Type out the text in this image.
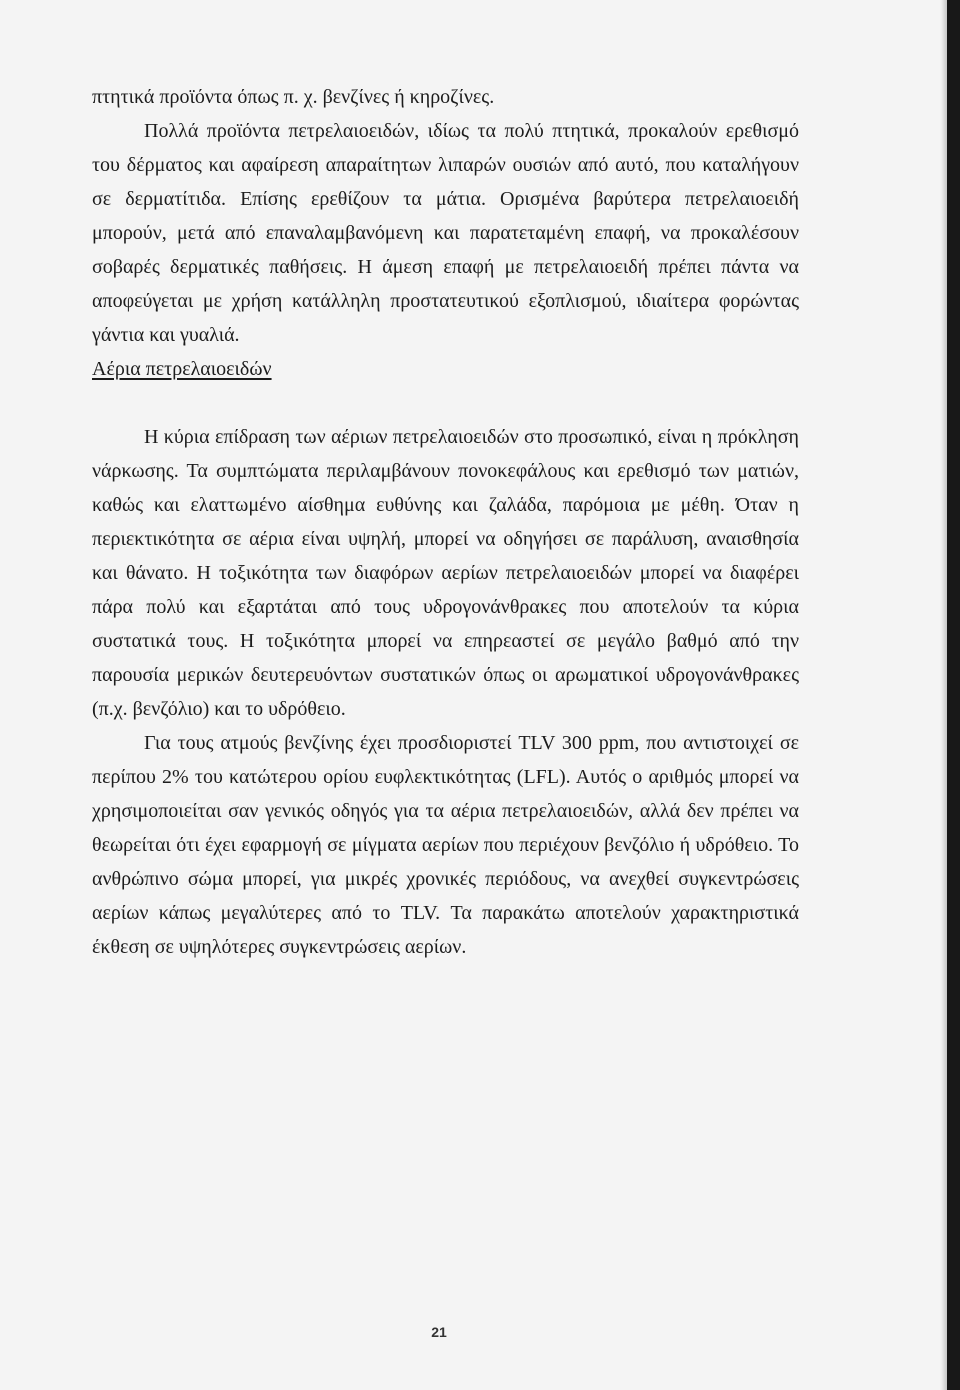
πτητικά προϊόντα όπως π. χ. βενζίνες ή κηροζίνες.

Πολλά προϊόντα πετρελαιοειδών, ιδίως τα πολύ πτητικά, προκαλούν ερεθισμό του δέρματος και αφαίρεση απαραίτητων λιπαρών ουσιών από αυτό, που καταλήγουν σε δερματίτιδα. Επίσης ερεθίζουν τα μάτια. Ορισμένα βαρύτερα πετρελαιοειδή μπορούν, μετά από επαναλαμβανόμενη και παρατεταμένη επαφή, να προκαλέσουν σοβαρές δερματικές παθήσεις. Η άμεση επαφή με πετρελαιοειδή πρέπει πάντα να αποφεύγεται με χρήση κατάλληλη προστατευτικού εξοπλισμού, ιδιαίτερα φορώντας γάντια και γυαλιά.

Αέρια πετρελαιοειδών

Η κύρια επίδραση των αέριων πετρελαιοειδών στο προσωπικό, είναι η πρόκληση νάρκωσης. Τα συμπτώματα περιλαμβάνουν πονοκεφάλους και ερεθισμό των ματιών, καθώς και ελαττωμένο αίσθημα ευθύνης και ζαλάδα, παρόμοια με μέθη. Όταν η περιεκτικότητα σε αέρια είναι υψηλή, μπορεί να οδηγήσει σε παράλυση, αναισθησία και θάνατο. Η τοξικότητα των διαφόρων αερίων πετρελαιοειδών μπορεί να διαφέρει πάρα πολύ και εξαρτάται από τους υδρογονάνθρακες που αποτελούν τα κύρια συστατικά τους. Η τοξικότητα μπορεί να επηρεαστεί σε μεγάλο βαθμό από την παρουσία μερικών δευτερευόντων συστατικών όπως οι αρωματικοί υδρογονάνθρακες (π.χ. βενζόλιο) και το υδρόθειο.

Για τους ατμούς βενζίνης έχει προσδιοριστεί TLV 300 ppm, που αντιστοιχεί σε περίπου 2% του κατώτερου ορίου ευφλεκτικότητας (LFL). Αυτός ο αριθμός μπορεί να χρησιμοποιείται σαν γενικός οδηγός για τα αέρια πετρελαιοειδών, αλλά δεν πρέπει να θεωρείται ότι έχει εφαρμογή σε μίγματα αερίων που περιέχουν βενζόλιο ή υδρόθειο. Το ανθρώπινο σώμα μπορεί, για μικρές χρονικές περιόδους, να ανεχθεί συγκεντρώσεις αερίων κάπως μεγαλύτερες από το TLV. Τα παρακάτω αποτελούν χαρακτηριστικά έκθεση σε υψηλότερες συγκεντρώσεις αερίων.

21
